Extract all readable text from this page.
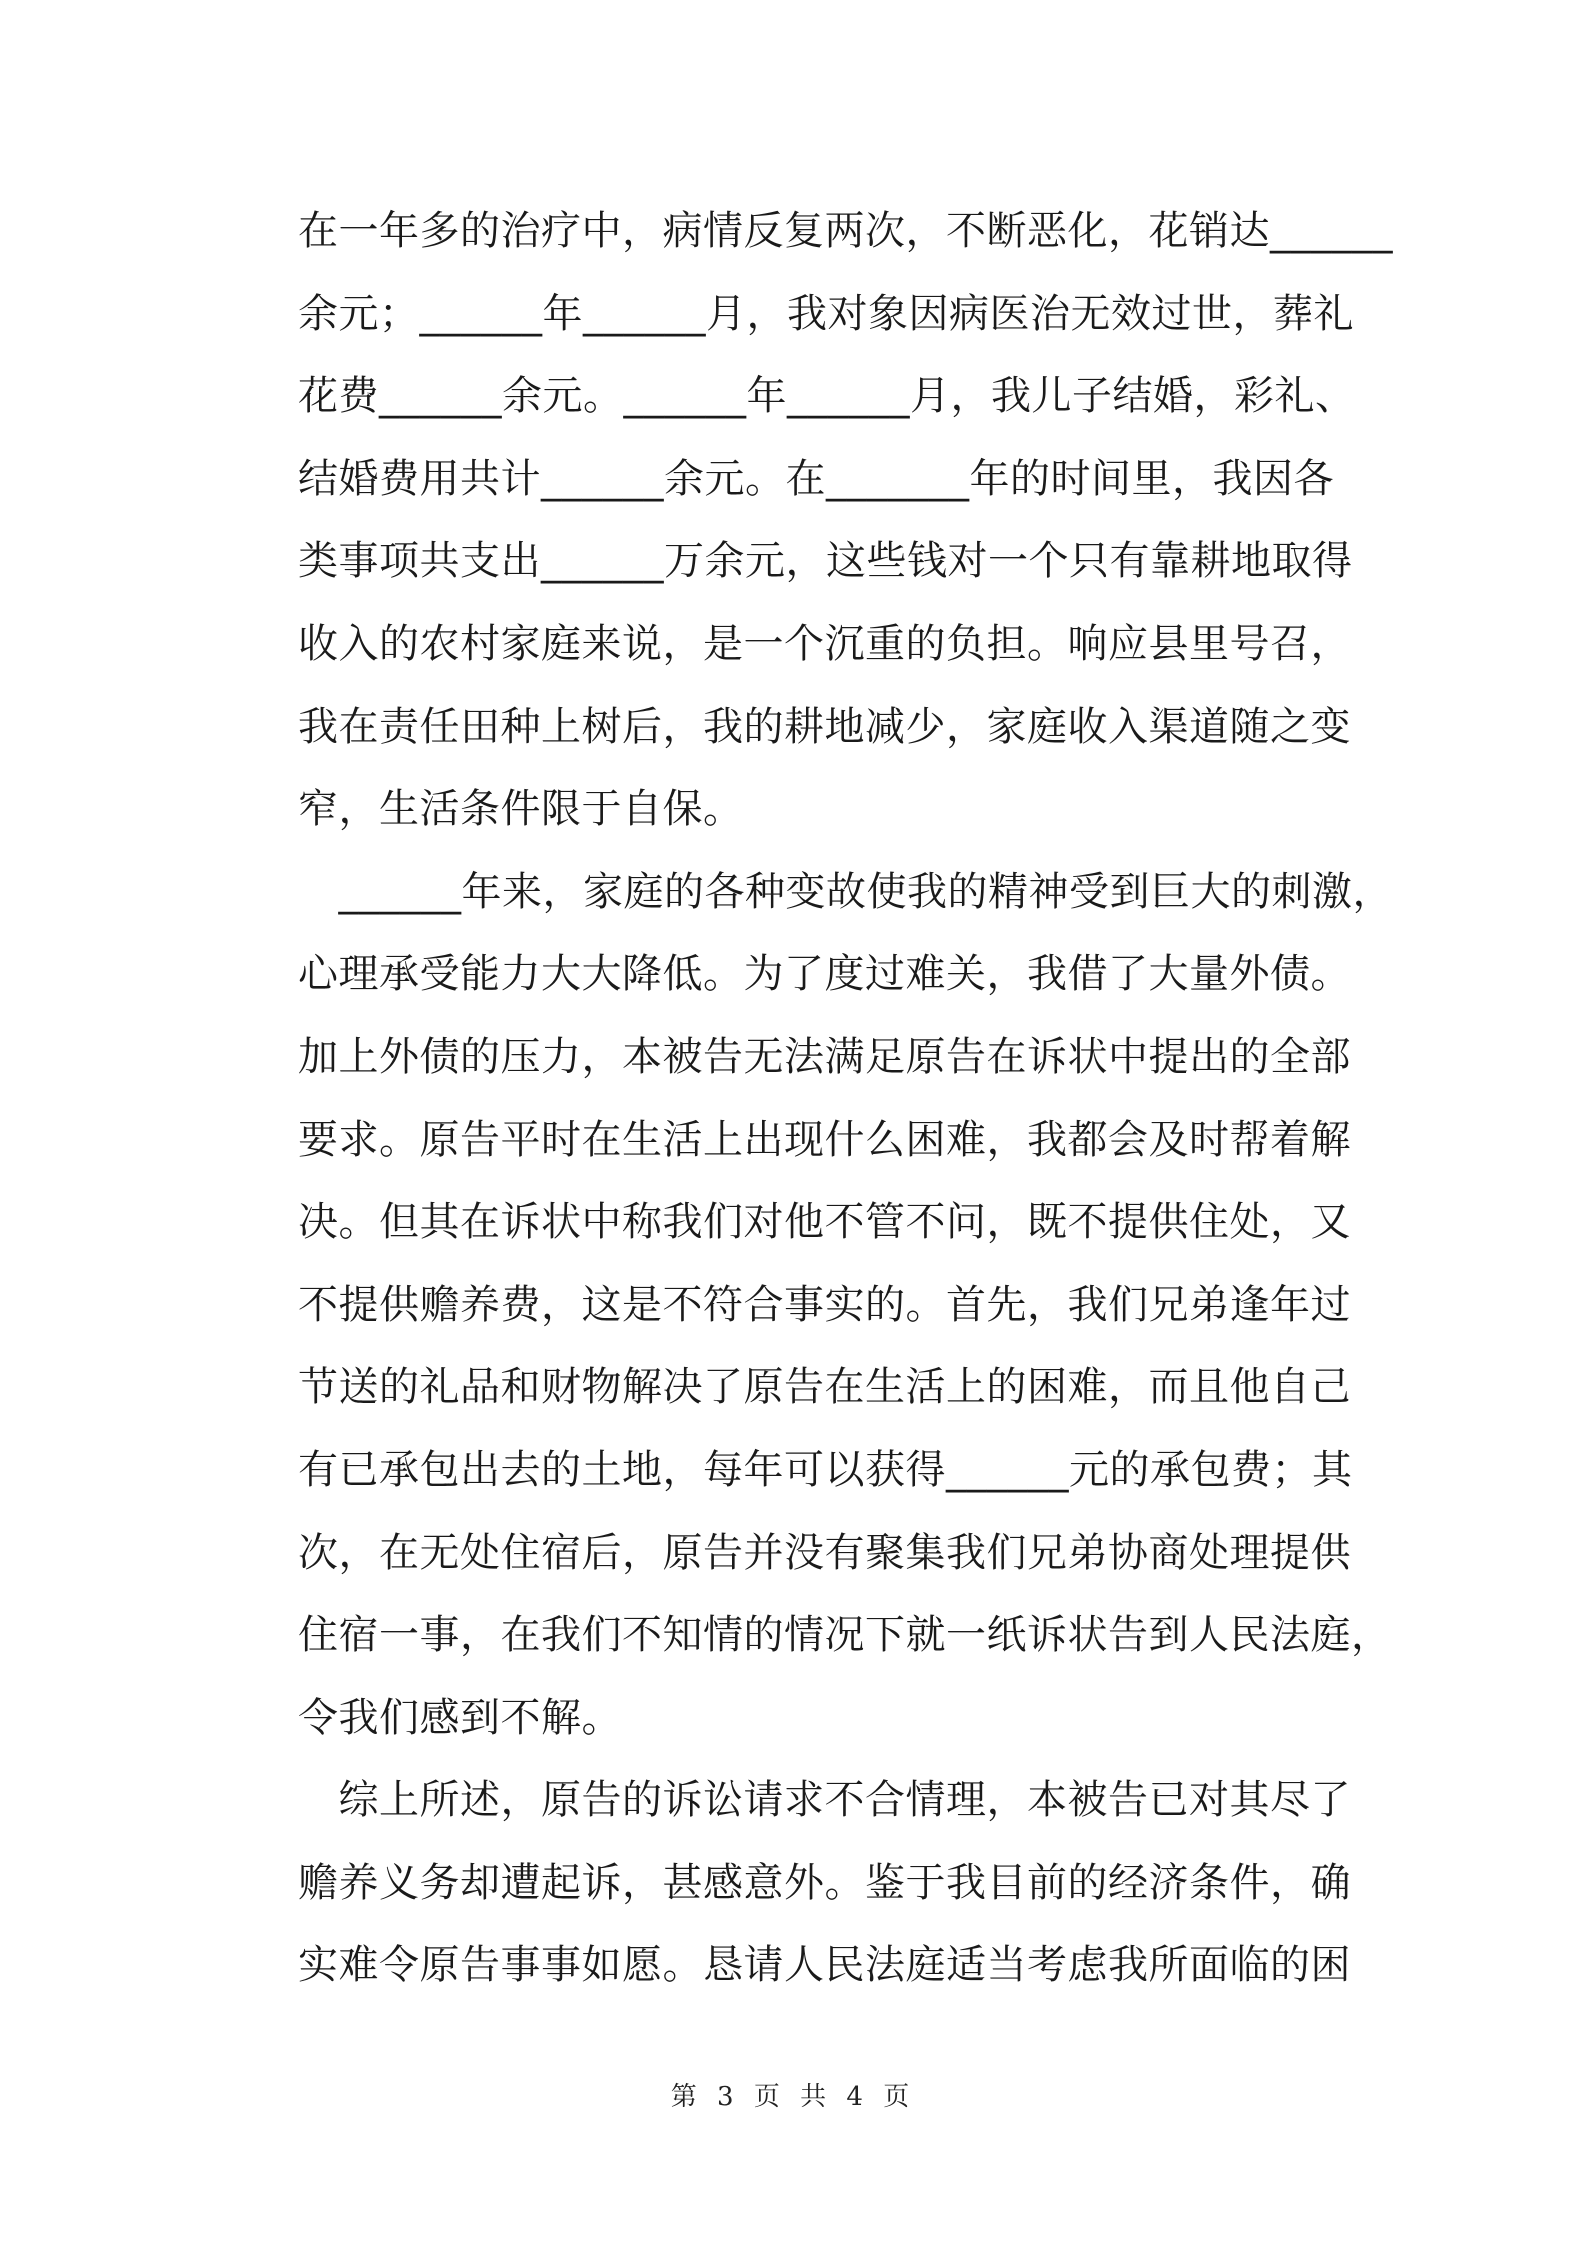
在一年多的治疗中，病情反复两次，不断恶化，花销达______
余元；______年______月，我对象因病医治无效过世，葬礼
花费______余元。______年______月，我儿子结婚，彩礼、
结婚费用共计______余元。在_______年的时间里，我因各
类事项共支出______万余元，这些钱对一个只有靠耕地取得
收入的农村家庭来说，是一个沉重的负担。响应县里号召，
我在责任田种上树后，我的耕地减少，家庭收入渠道随之变
窄，生活条件限于自保。
　______年来，家庭的各种变故使我的精神受到巨大的刺激，
心理承受能力大大降低。为了度过难关，我借了大量外债。
加上外债的压力，本被告无法满足原告在诉状中提出的全部
要求。原告平时在生活上出现什么困难，我都会及时帮着解
决。但其在诉状中称我们对他不管不问，既不提供住处，又
不提供赡养费，这是不符合事实的。首先，我们兄弟逢年过
节送的礼品和财物解决了原告在生活上的困难，而且他自己
有已承包出去的土地，每年可以获得______元的承包费；其
次，在无处住宿后，原告并没有聚集我们兄弟协商处理提供
住宿一事，在我们不知情的情况下就一纸诉状告到人民法庭，
令我们感到不解。
　综上所述，原告的诉讼请求不合情理，本被告已对其尽了
赡养义务却遭起诉，甚感意外。鉴于我目前的经济条件，确
实难令原告事事如愿。恳请人民法庭适当考虑我所面临的困
第 3 页 共 4 页
